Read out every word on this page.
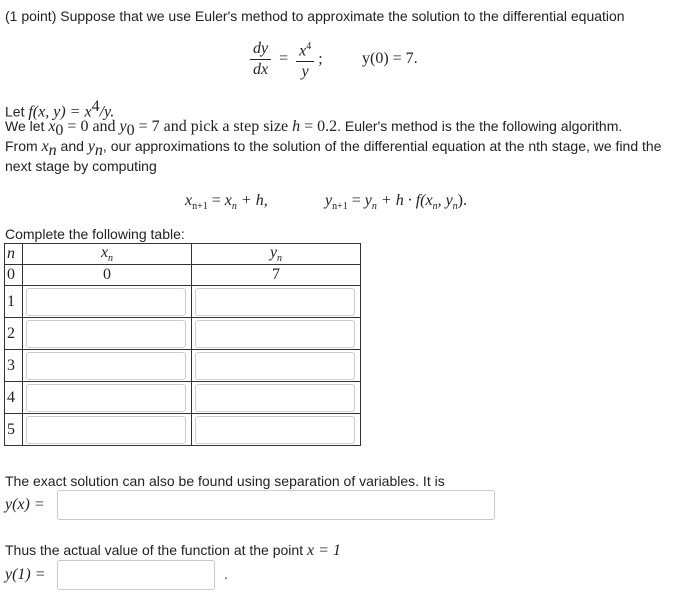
(1 point) Suppose that we use Euler's method to approximate the solution to the differential equation
$\frac{dy}{dx} = \frac{x^4}{y}$ ; y(0) = 7.
Let f(x, $y) = x^4/y$.
We let $x_0 = 0$ and $y_0 = 7$ and pick a step size h = 0.2. Euler's method is the the following algorithm.
From $x_n$ and $y_n$, our approximations to the solution of the differential equation at the nth stage, we find the
next stage by computing
$x_{n+1} = x_n + h$,	$y_{n+1} = y_n + h \cdot f(x_n$, $y_n$).
Complete the following table:
n	$x_n$	$y_n$
0	0	7
1	

2	

3	

4	

5	

The exact solution can also be found using separation of variables. It is
y(x) =
Thus the actual value of the function at the point x = 1
y(1) =	.
